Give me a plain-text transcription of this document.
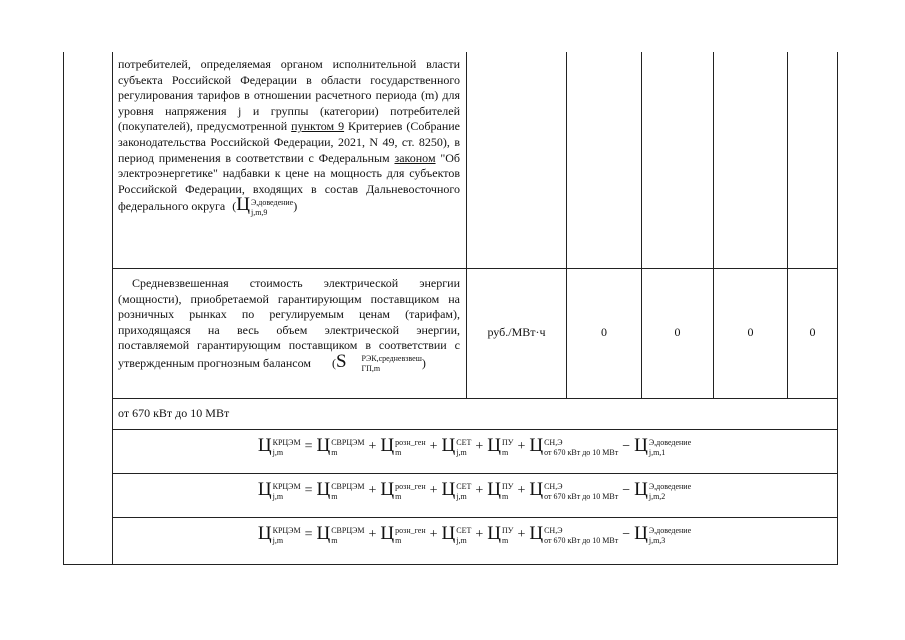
потребителей, определяемая органом исполнительной власти субъекта Российской Федерации в области государственного регулирования тарифов в отношении расчетного периода (m) для уровня напряжения j и группы (категории) потребителей (покупателей), предусмотренной пунктом 9 Критериев (Собрание законодательства Российской Федерации, 2021, N 49, ст. 8250), в период применения в соответствии с Федеральным законом "Об электроэнергетике" надбавки к цене на мощность для субъектов Российской Федерации, входящих в состав Дальневосточного федерального округа (Ц Э,доведение
j,m,9	)

Средневзвешенная стоимость электрической энергии (мощности), приобретаемой гарантирующим поставщиком на розничных рынках по регулируемым ценам (тарифам), приходящаяся на весь объем электрической энергии, поставляемой гарантирующим поставщиком в соответствии с утвержденным прогнозным балансом (S	РЭК,средневзвеш
ГП,m	)

руб./МВт·ч	0	0	0	0
от 670 кВт до 10 МВт
Ц КРЦЭМ
j,m	= Ц СВРЦЭМ
m	+ Ц розн_ген
m	+ Ц СЕТ
j,m + Ц ПУ
m + Ц СН,Э
от 670 кВт до 10 МВт − Ц Э,доведение
j,m,1
Ц КРЦЭМ
j,m	= Ц СВРЦЭМ
m	+ Ц розн_ген
m	+ Ц СЕТ
j,m + Ц ПУ
m + Ц СН,Э
от 670 кВт до 10 МВт − Ц Э,доведение
j,m,2
Ц КРЦЭМ
j,m	= Ц СВРЦЭМ
m	+ Ц розн_ген
m	+ Ц СЕТ
j,m + Ц ПУ
m + Ц СН,Э
от 670 кВт до 10 МВт − Ц Э,доведение
j,m,3
